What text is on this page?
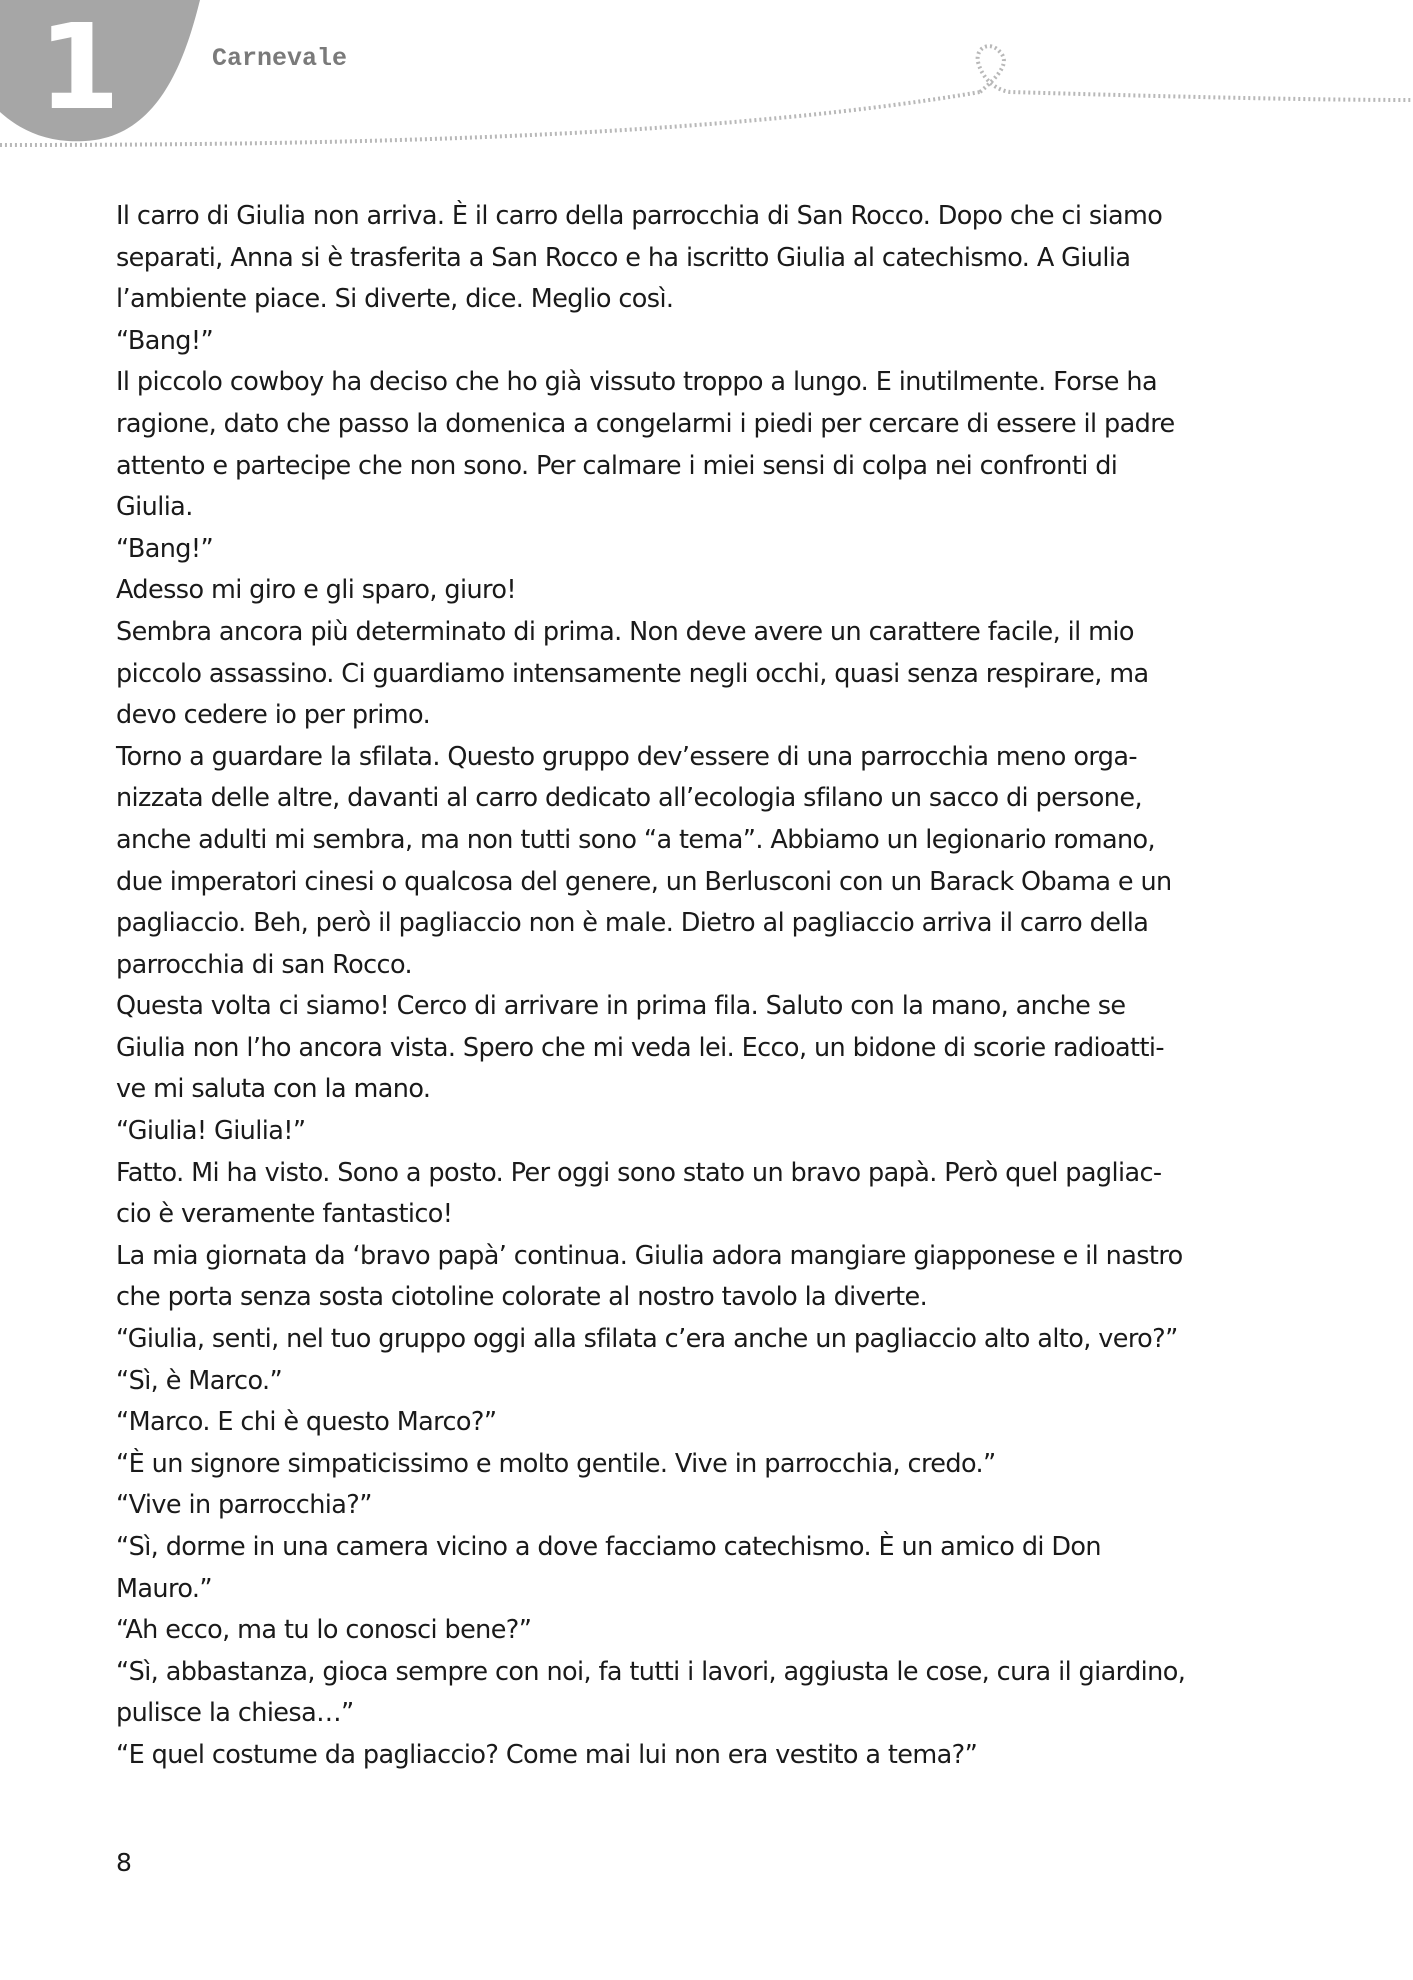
1	Carnevale
Il carro di Giulia non arriva. È il carro della parrocchia di San Rocco. Dopo che ci siamo
separati, Anna si è trasferita a San Rocco e ha iscritto Giulia al catechismo. A Giulia
l’ambiente piace. Si diverte, dice. Meglio così.
“Bang!”
Il piccolo cowboy ha deciso che ho già vissuto troppo a lungo. E inutilmente. Forse ha
ragione, dato che passo la domenica a congelarmi i piedi per cercare di essere il padre
attento e partecipe che non sono. Per calmare i miei sensi di colpa nei confronti di
Giulia.
“Bang!”
Adesso mi giro e gli sparo, giuro!
Sembra ancora più determinato di prima. Non deve avere un carattere facile, il mio
piccolo assassino. Ci guardiamo intensamente negli occhi, quasi senza respirare, ma
devo cedere io per primo.
Torno a guardare la sfilata. Questo gruppo dev’essere di una parrocchia meno orga-
nizzata delle altre, davanti al carro dedicato all’ecologia sfilano un sacco di persone,
anche adulti mi sembra, ma non tutti sono “a tema”. Abbiamo un legionario romano,
due imperatori cinesi o qualcosa del genere, un Berlusconi con un Barack Obama e un
pagliaccio. Beh, però il pagliaccio non è male. Dietro al pagliaccio arriva il carro della
parrocchia di san Rocco.
Questa volta ci siamo! Cerco di arrivare in prima fila. Saluto con la mano, anche se
Giulia non l’ho ancora vista. Spero che mi veda lei. Ecco, un bidone di scorie radioatti-
ve mi saluta con la mano.
“Giulia! Giulia!”
Fatto. Mi ha visto. Sono a posto. Per oggi sono stato un bravo papà. Però quel pagliac-
cio è veramente fantastico!
La mia giornata da ‘bravo papà’ continua. Giulia adora mangiare giapponese e il nastro
che porta senza sosta ciotoline colorate al nostro tavolo la diverte.
“Giulia, senti, nel tuo gruppo oggi alla sfilata c’era anche un pagliaccio alto alto, vero?”
“Sì, è Marco.”
“Marco. E chi è questo Marco?”
“È un signore simpaticissimo e molto gentile. Vive in parrocchia, credo.”
“Vive in parrocchia?”
“Sì, dorme in una camera vicino a dove facciamo catechismo. È un amico di Don
Mauro.”
“Ah ecco, ma tu lo conosci bene?”
“Sì, abbastanza, gioca sempre con noi, fa tutti i lavori, aggiusta le cose, cura il giardino,
pulisce la chiesa…”
“E quel costume da pagliaccio? Come mai lui non era vestito a tema?”
8
